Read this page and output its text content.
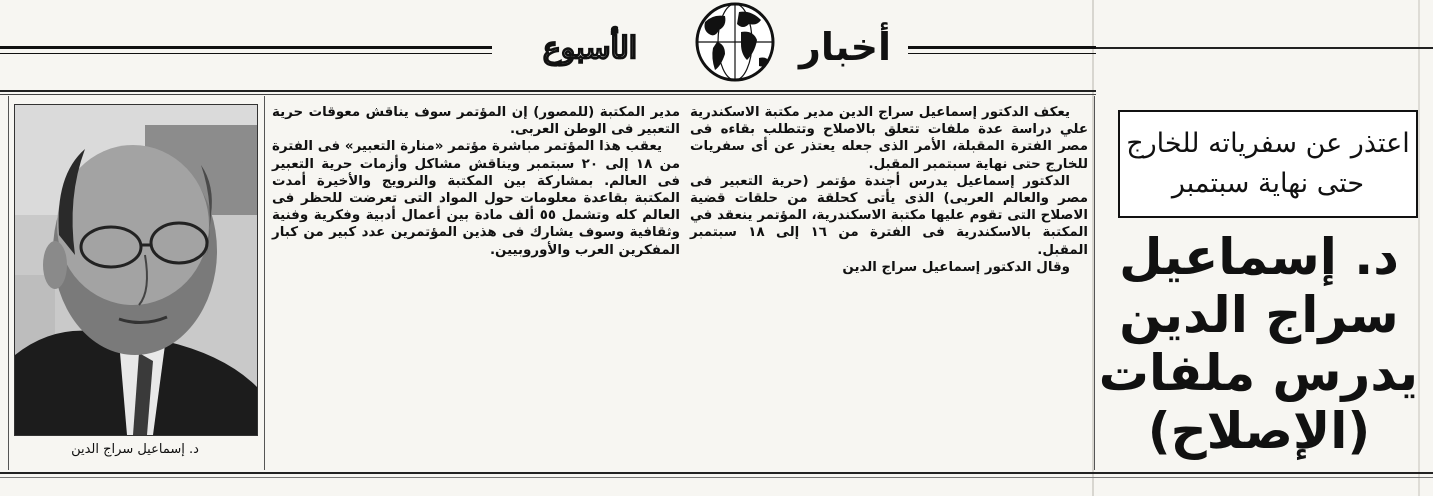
الأسبوع	أخبار
د. إسماعيل سراج الدين

يعكف الدكتور إسماعيل سراج الدين مدير مكتبة الاسكندرية علي دراسة عدة ملفات تتعلق بالاصلاح وتتطلب بقاءه فى مصر الفترة المقبلة، الأمر الذى جعله يعتذر عن أى سفريات للخارج حتى نهاية سبتمبر المقبل.

الدكتور إسماعيل يدرس أجندة مؤتمر (حرية التعبير فى مصر والعالم العربى) الذى يأتى كحلقة من حلقات قضية الاصلاح التى تقوم عليها مكتبة الاسكندرية، المؤتمر ينعقد في المكتبة بالاسكندرية فى الفترة من ١٦ إلى ١٨ سبتمبر المقبل.

وقال الدكتور إسماعيل سراج الدين

مدير المكتبة (للمصور) إن المؤتمر سوف يناقش معوقات حرية التعبير فى الوطن العربى.

يعقب هذا المؤتمر مباشرة مؤتمر «منارة التعبير» فى الفترة من ١٨ إلى ٢٠ سبتمبر ويناقش مشاكل وأزمات حرية التعبير فى العالم. بمشاركة بين المكتبة والنرويج والأخيرة أمدت المكتبة بقاعدة معلومات حول المواد التى تعرضت للحظر فى العالم كله وتشمل ٥٥ ألف مادة بين أعمال أدبية وفكرية وفنية وثقافية وسوف يشارك فى هذين المؤتمرين عدد كبير من كبار المفكرين العرب والأوروبيين.

اعتذر عن سفرياته للخارج
حتى نهاية سبتمبر
د. إسماعيل
سراج الدين
يدرس ملفات
(الإصلاح)
